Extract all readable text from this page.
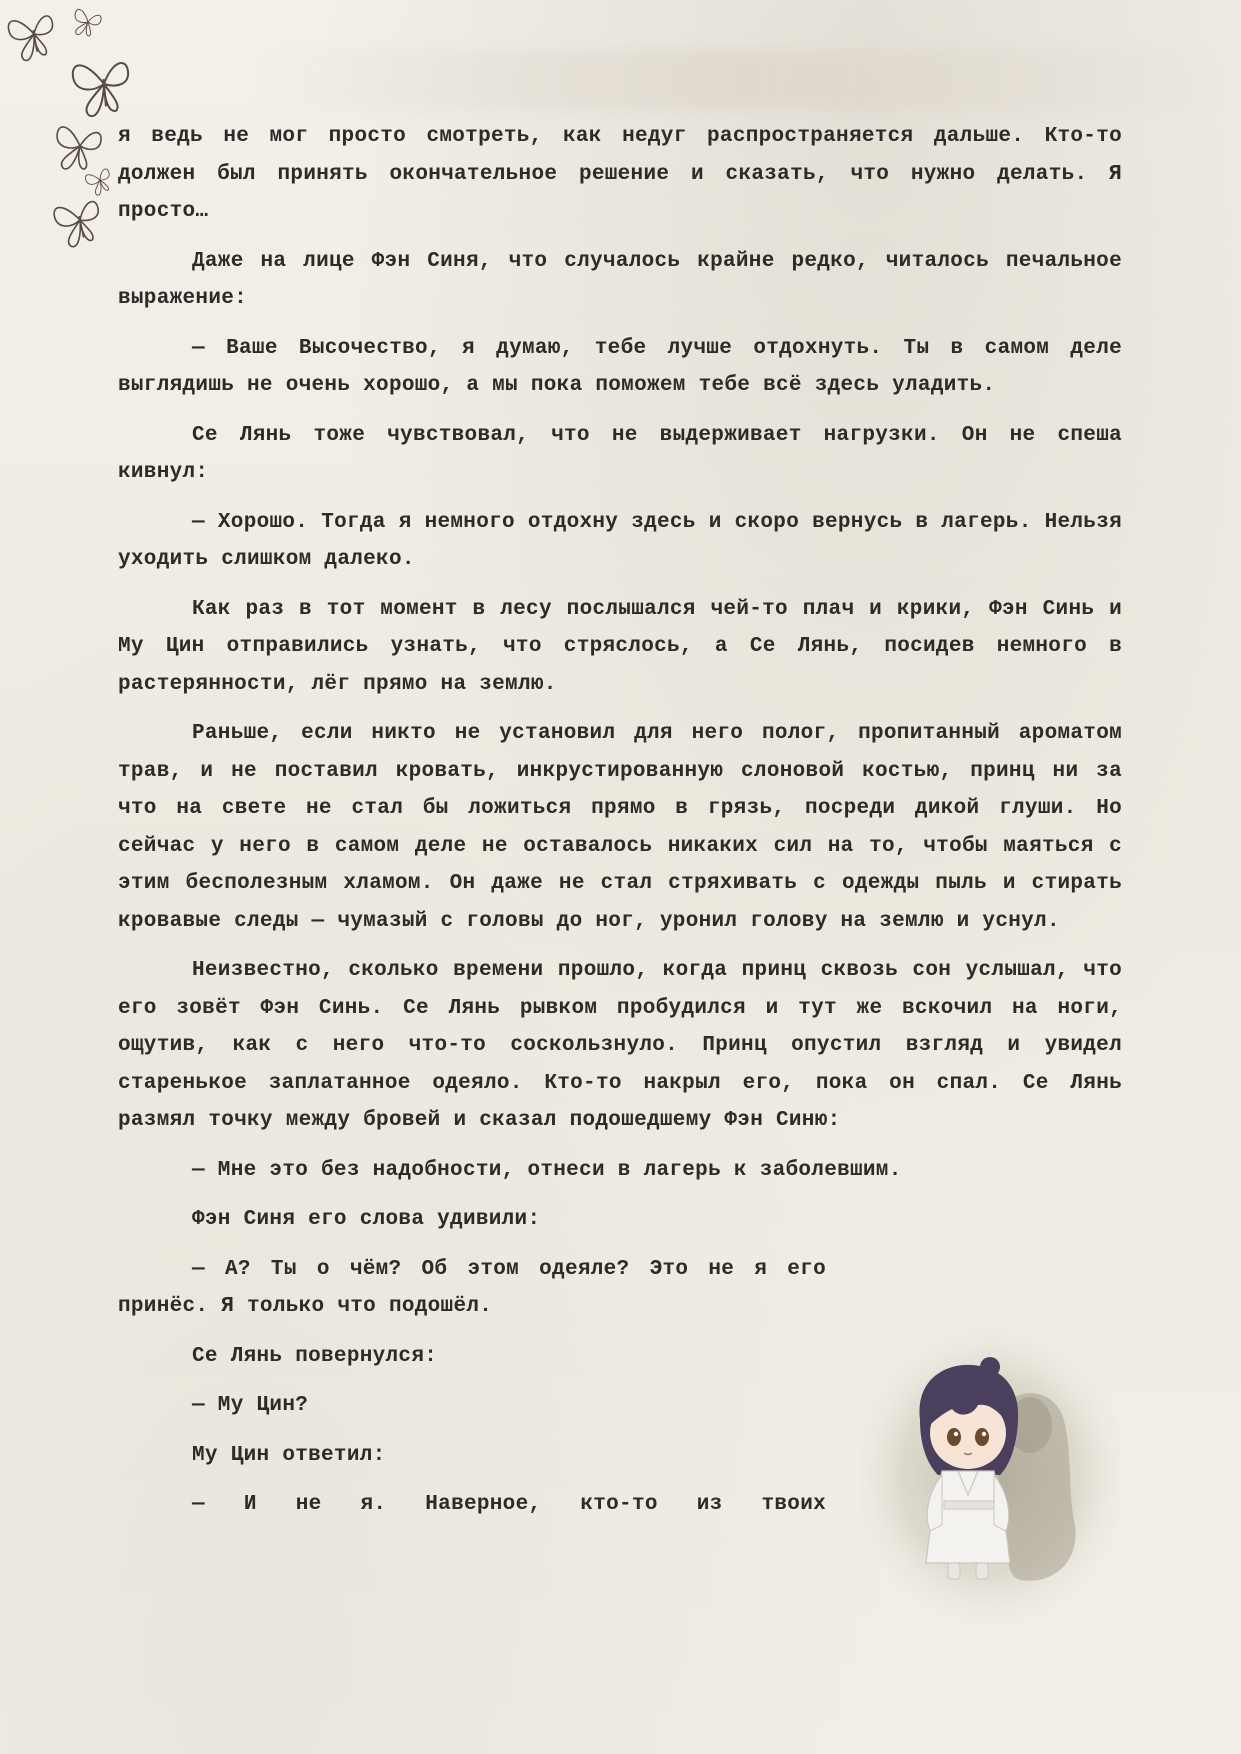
я ведь не мог просто смотреть, как недуг распространяется дальше. Кто-то должен был принять окончательное решение и сказать, что нужно делать. Я просто…

Даже на лице Фэн Синя, что случалось крайне редко, читалось печальное выражение:

— Ваше Высочество, я думаю, тебе лучше отдохнуть. Ты в самом деле выглядишь не очень хорошо, а мы пока поможем тебе всё здесь уладить.

Се Лянь тоже чувствовал, что не выдерживает нагрузки. Он не спеша кивнул:

— Хорошо. Тогда я немного отдохну здесь и скоро вернусь в лагерь. Нельзя уходить слишком далеко.

Как раз в тот момент в лесу послышался чей-то плач и крики, Фэн Синь и Му Цин отправились узнать, что стряслось, а Се Лянь, посидев немного в растерянности, лёг прямо на землю.

Раньше, если никто не установил для него полог, пропитанный ароматом трав, и не поставил кровать, инкрустированную слоновой костью, принц ни за что на свете не стал бы ложиться прямо в грязь, посреди дикой глуши. Но сейчас у него в самом деле не оставалось никаких сил на то, чтобы маяться с этим бесполезным хламом. Он даже не стал стряхивать с одежды пыль и стирать кровавые следы — чумазый с головы до ног, уронил голову на землю и уснул.

Неизвестно, сколько времени прошло, когда принц сквозь сон услышал, что его зовёт Фэн Синь. Се Лянь рывком пробудился и тут же вскочил на ноги, ощутив, как с него что-то соскользнуло. Принц опустил взгляд и увидел старенькое заплатанное одеяло. Кто-то накрыл его, пока он спал. Се Лянь размял точку между бровей и сказал подошедшему Фэн Синю:

— Мне это без надобности, отнеси в лагерь к заболевшим.

Фэн Синя его слова удивили:

— А? Ты о чём? Об этом одеяле? Это не я его принёс. Я только что подошёл.

Се Лянь повернулся:

— Му Цин?

Му Цин ответил:

— И не я. Наверное, кто-то из твоих
